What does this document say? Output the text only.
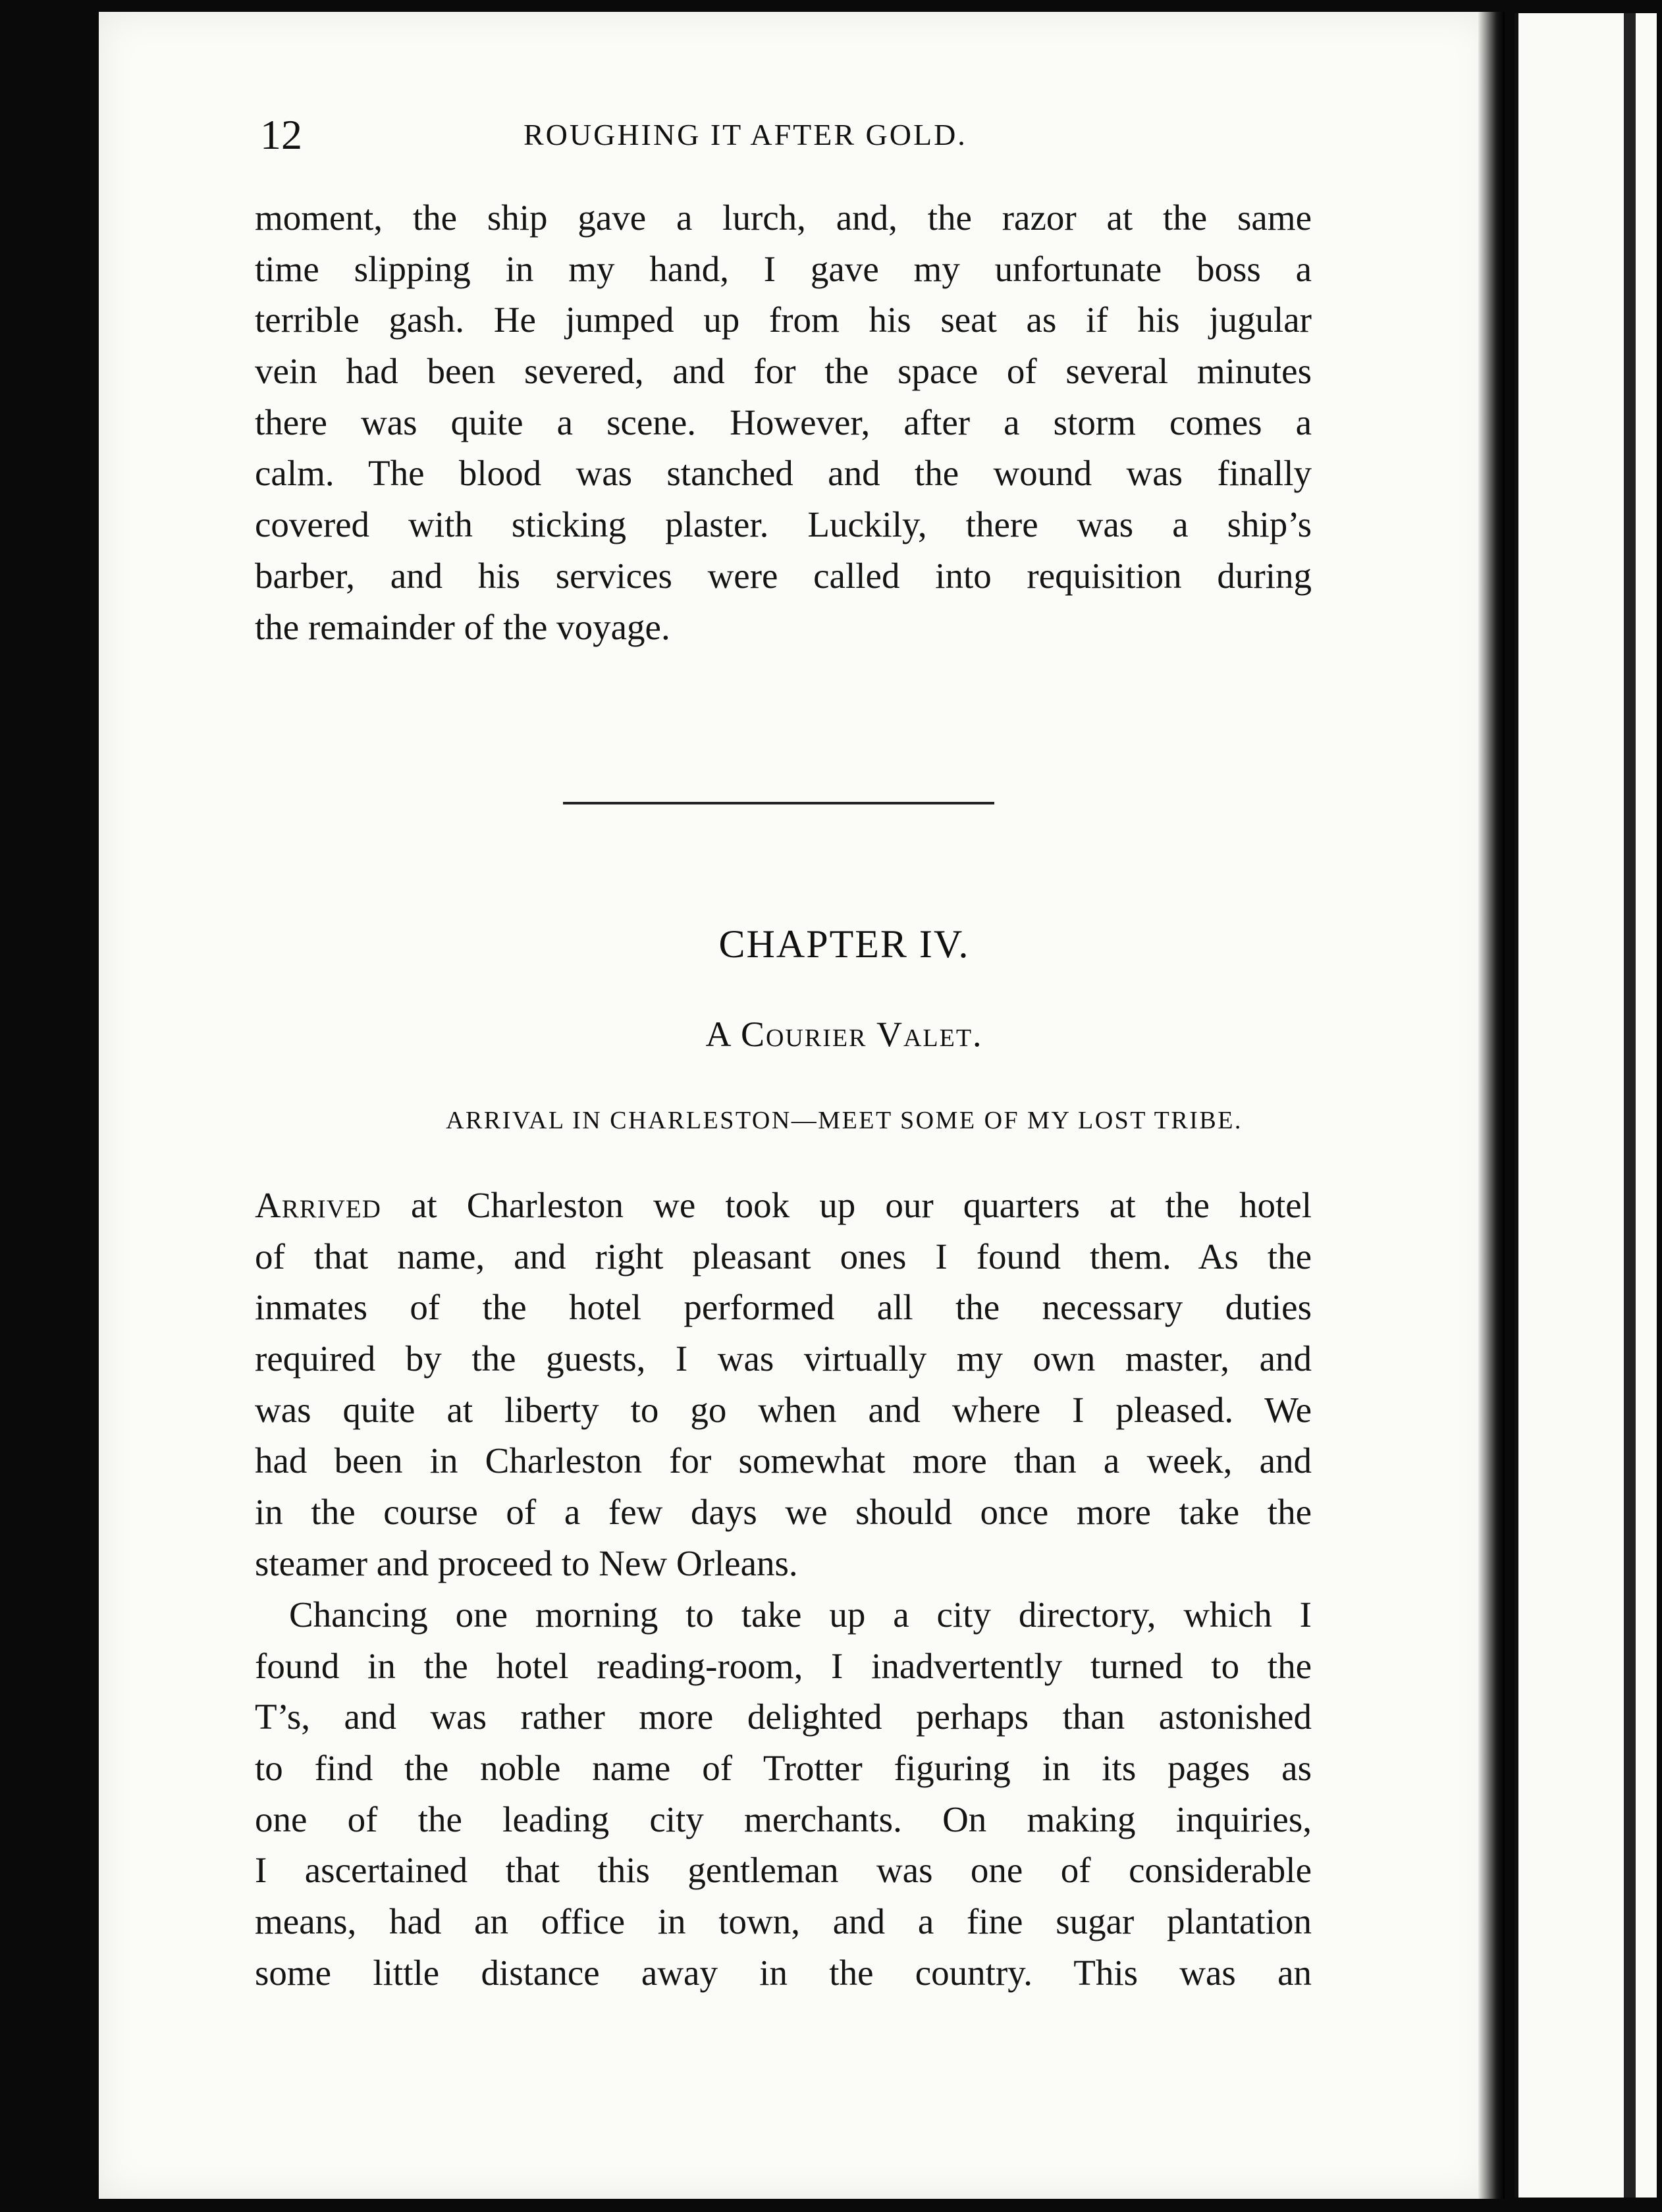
12	ROUGHING IT AFTER GOLD.
moment, the ship gave a lurch, and, the razor at the same
time slipping in my hand, I gave my unfortunate boss a
terrible gash. He jumped up from his seat as if his jugular
vein had been severed, and for the space of several minutes
there was quite a scene. However, after a storm comes a
calm. The blood was stanched and the wound was finally
covered with sticking plaster. Luckily, there was a ship’s
barber, and his services were called into requisition during
the remainder of the voyage.
CHAPTER IV.
A Courier Valet.
ARRIVAL IN CHARLESTON—MEET SOME OF MY LOST TRIBE.
Arrived at Charleston we took up our quarters at the hotel
of that name, and right pleasant ones I found them. As the
inmates of the hotel performed all the necessary duties
required by the guests, I was virtually my own master, and
was quite at liberty to go when and where I pleased. We
had been in Charleston for somewhat more than a week, and
in the course of a few days we should once more take the
steamer and proceed to New Orleans.
Chancing one morning to take up a city directory, which I
found in the hotel reading-room, I inadvertently turned to the
T’s, and was rather more delighted perhaps than astonished
to find the noble name of Trotter figuring in its pages as
one of the leading city merchants. On making inquiries,
I ascertained that this gentleman was one of considerable
means, had an office in town, and a fine sugar plantation
some little distance away in the country. This was an
